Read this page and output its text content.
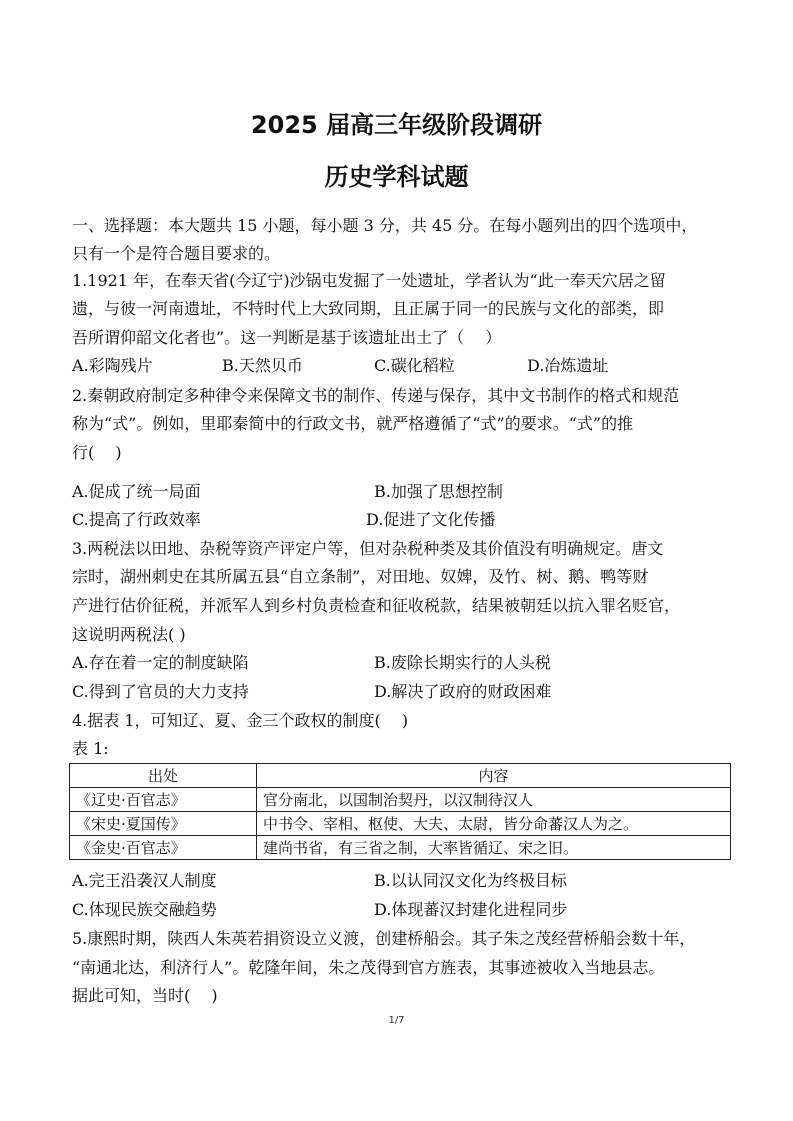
2025 届高三年级阶段调研
历史学科试题
一、选择题：本大题共 15 小题，每小题 3 分，共 45 分。在每小题列出的四个选项中，
只有一个是符合题目要求的。
1.1921 年，在奉天省(今辽宁)沙锅屯发掘了一处遗址，学者认为“此一奉天穴居之留
遗，与彼一河南遗址，不特时代上大致同期，且正属于同一的民族与文化的部类，即
吾所谓仰韶文化者也”。这一判断是基于该遗址出土了（　 ）
A.彩陶残片	B.天然贝币	C.碳化稻粒	D.冶炼遗址
2.秦朝政府制定多种律令来保障文书的制作、传递与保存，其中文书制作的格式和规范
称为“式”。例如，里耶秦简中的行政文书，就严格遵循了“式”的要求。“式”的推
行(　 )
A.促成了统一局面	B.加强了思想控制
C.提高了行政效率	D.促进了文化传播
3.两税法以田地、杂税等资产评定户等，但对杂税种类及其价值没有明确规定。唐文
宗时，湖州刺史在其所属五县“自立条制”，对田地、奴婢，及竹、树、鹅、鸭等财
产进行估价征税，并派军人到乡村负责检查和征收税款，结果被朝廷以抗入罪名贬官，
这说明两税法( )
A.存在着一定的制度缺陷	B.废除长期实行的人头税
C.得到了官员的大力支持	D.解决了政府的财政困难
4.据表 1，可知辽、夏、金三个政权的制度(　 )
表 1:
出处	内容
《辽史·百官志》	官分南北，以国制治契丹，以汉制待汉人
《宋史·夏国传》	中书令、宰相、枢使、大夫、太尉，皆分命蕃汉人为之。
《金史·百官志》	建尚书省，有三省之制，大率皆循辽、宋之旧。
A.完王沿袭汉人制度	B.以认同汉文化为终极目标
C.体现民族交融趋势	D.体现蕃汉封建化进程同步
5.康熙时期，陕西人朱英若捐资设立义渡，创建桥船会。其子朱之茂经营桥船会数十年，
“南通北达，利济行人”。乾隆年间，朱之茂得到官方旌表，其事迹被收入当地县志。
据此可知，当时(　 )
1/7
